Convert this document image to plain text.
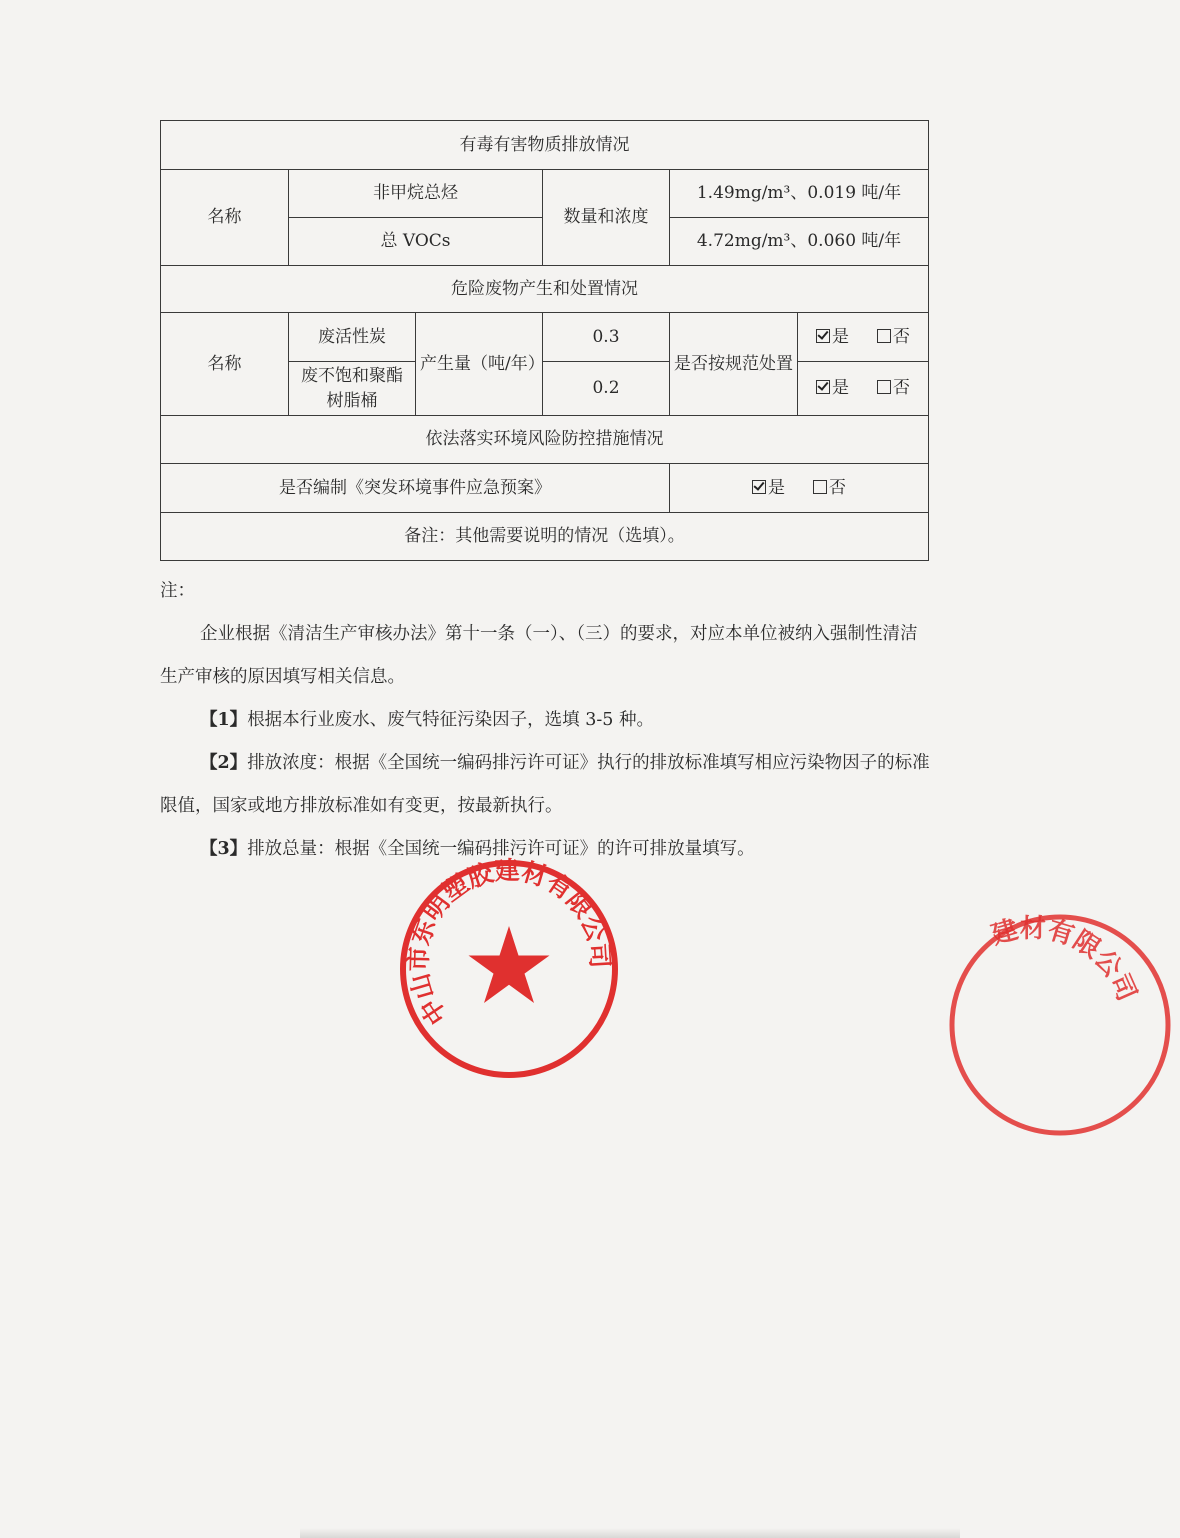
有毒有害物质排放情况					
名称	非甲烷总烃		数量和浓度	1.49mg/m³、0.019 吨/年	
	总 VOCs			4.72mg/m³、0.060 吨/年	
危险废物产生和处置情况					
名称	废活性炭	产生量（吨/年）	0.3	是否按规范处置	是 否
	废不饱和聚酯树脂桶		0.2		是 否
依法落实环境风险防控措施情况					
是否编制《突发环境事件应急预案》				是 否	
备注：其他需要说明的情况（选填）。					

注：

企业根据《清洁生产审核办法》第十一条（一）、（三）的要求，对应本单位被纳入强制性清洁生产审核的原因填写相关信息。

【1】根据本行业废水、废气特征污染因子，选填 3-5 种。

【2】排放浓度：根据《全国统一编码排污许可证》执行的排放标准填写相应污染物因子的标准限值，国家或地方排放标准如有变更，按最新执行。

【3】排放总量：根据《全国统一编码排污许可证》的许可排放量填写。

中山市东明塑胶建材有限公司
建材有限公司
